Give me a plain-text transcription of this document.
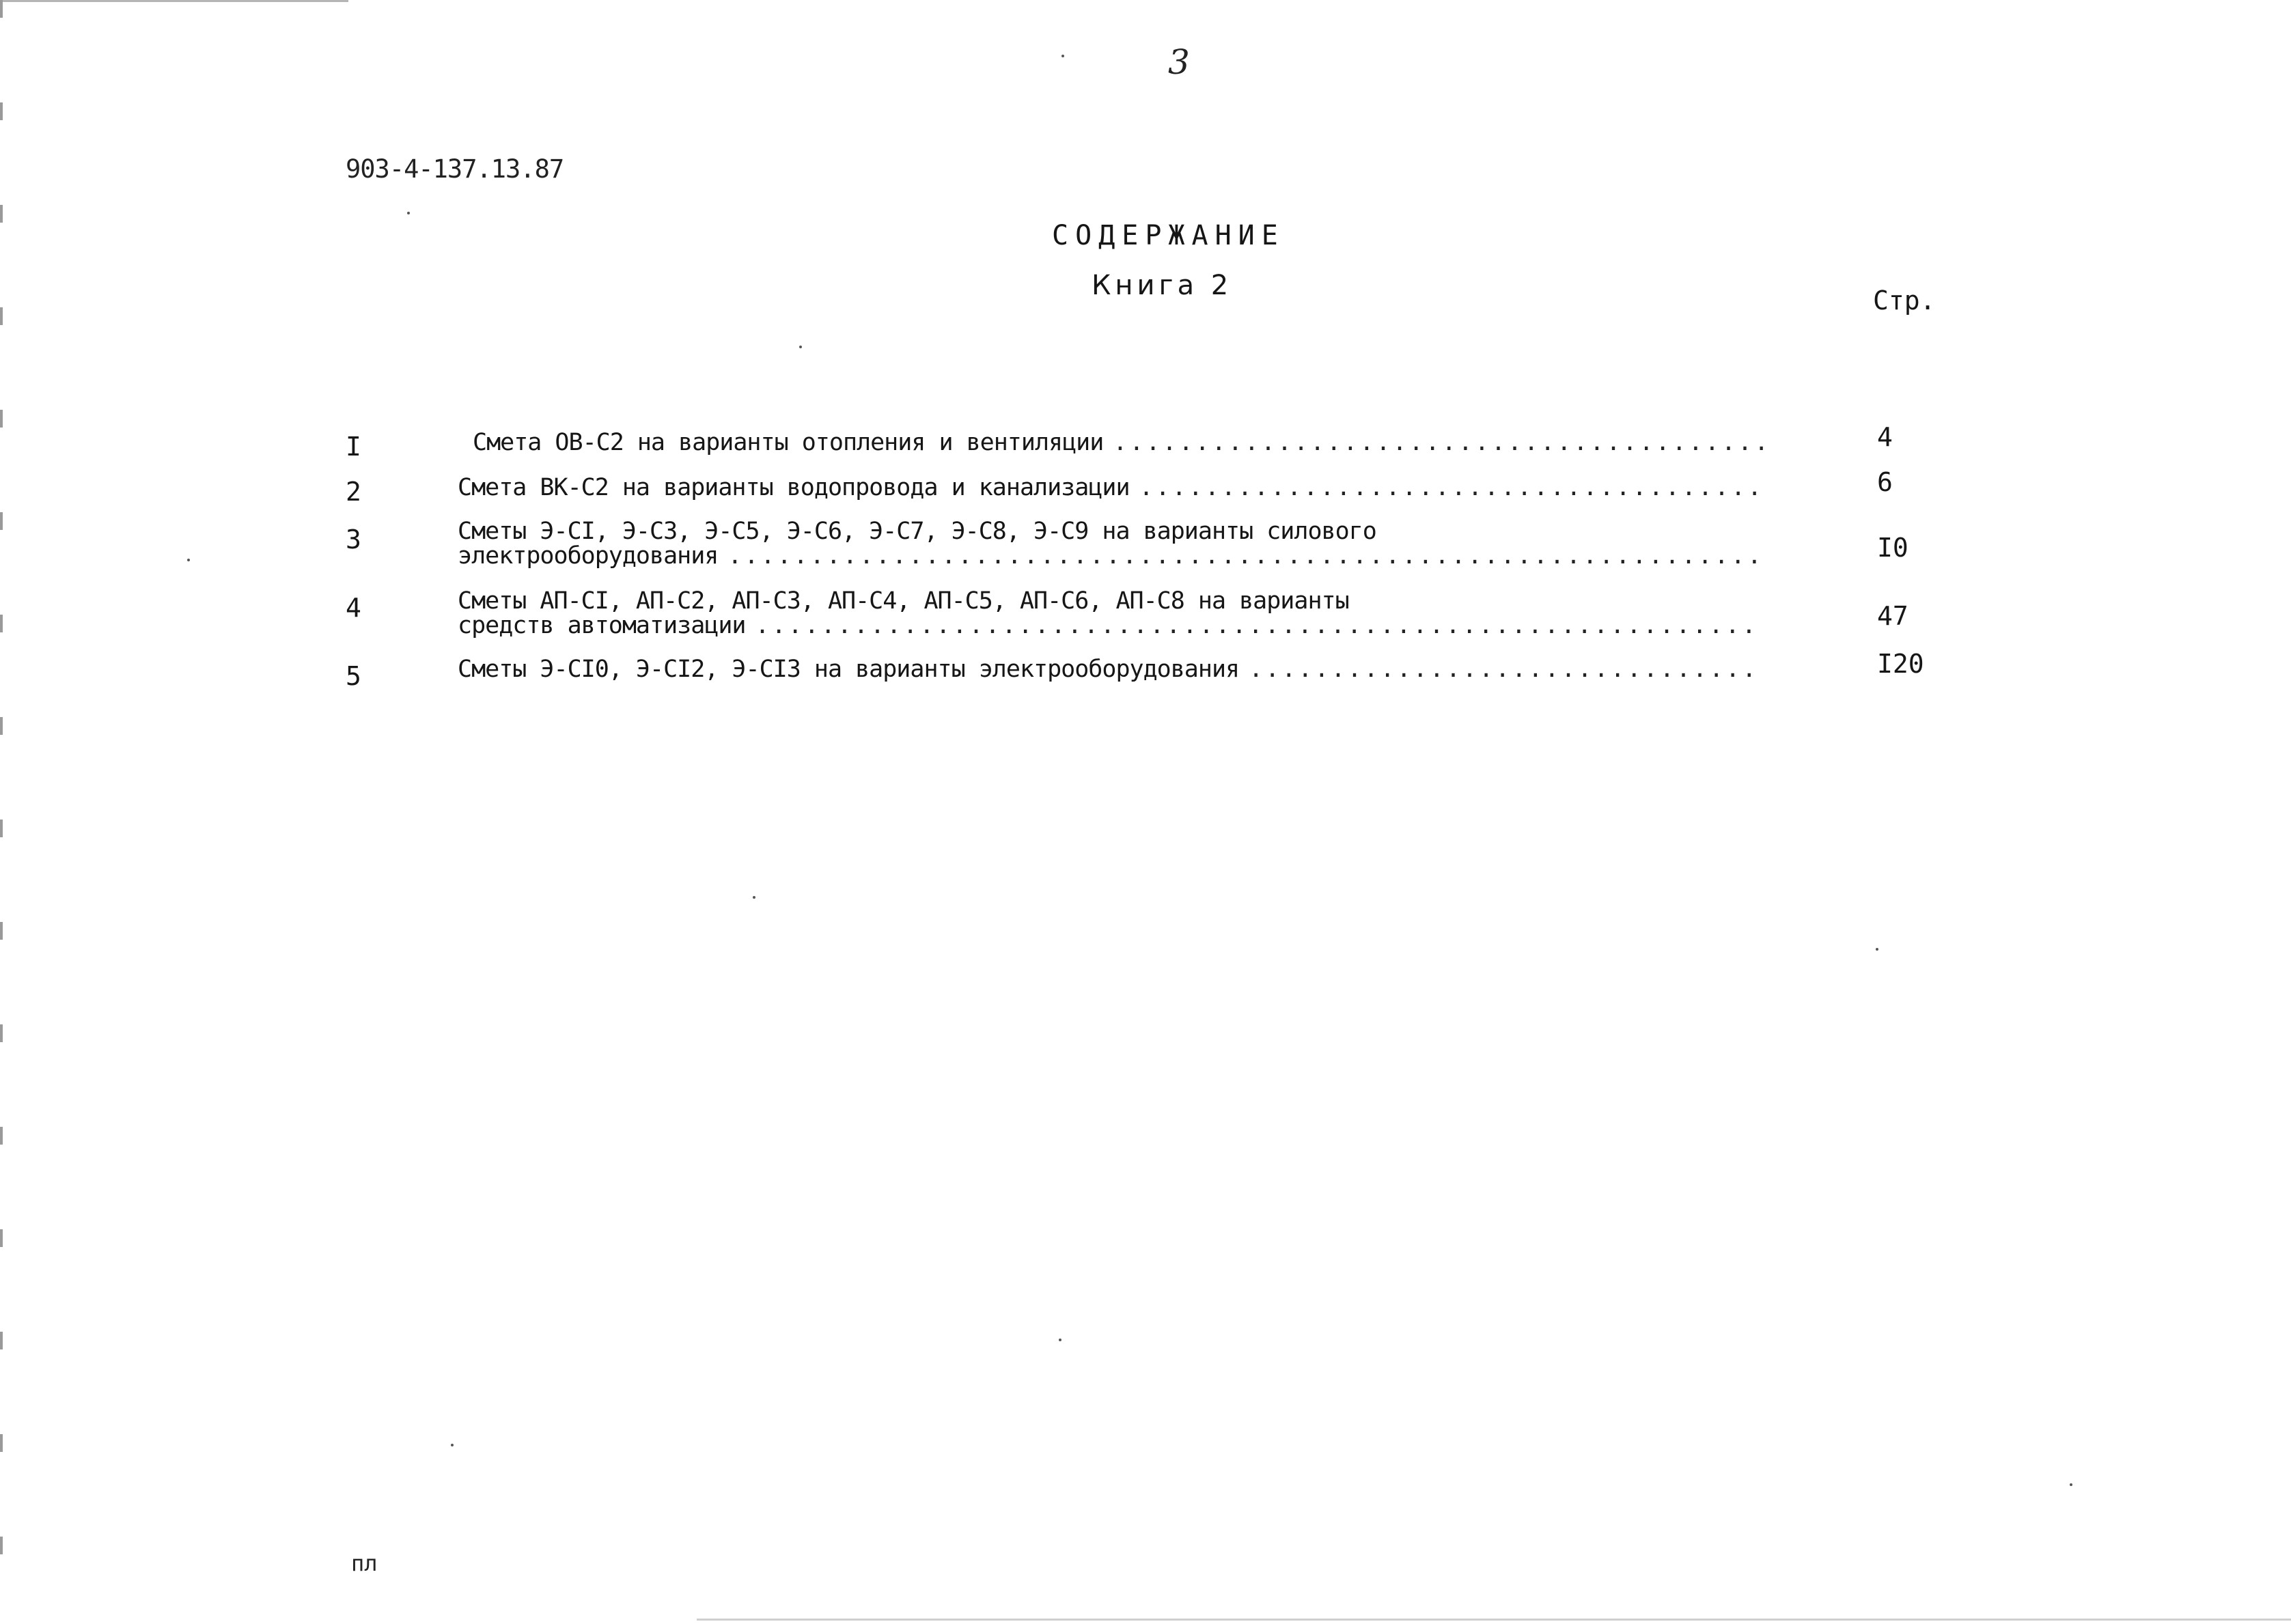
3
903-4-137.13.87
СОДЕРЖАНИЕ
Книга 2	Стр.
I	Смета ОВ-С2 на варианты отопления и вентиляции .....	4
2	Смета ВК-С2 на варианты водопровода и канализации .....	6
3	Сметы Э-СI, Э-С3, Э-С5, Э-С6, Э-С7, Э-С8, Э-С9 на варианты силового
электрооборудования .....	I0
4	Сметы АП-СI, АП-С2, АП-С3, АП-С4, АП-С5, АП-С6, АП-С8 на варианты
средств автоматизации .....	47
5	Сметы Э-СI0, Э-СI2, Э-СI3 на варианты электрооборудования .....	I20
пл
